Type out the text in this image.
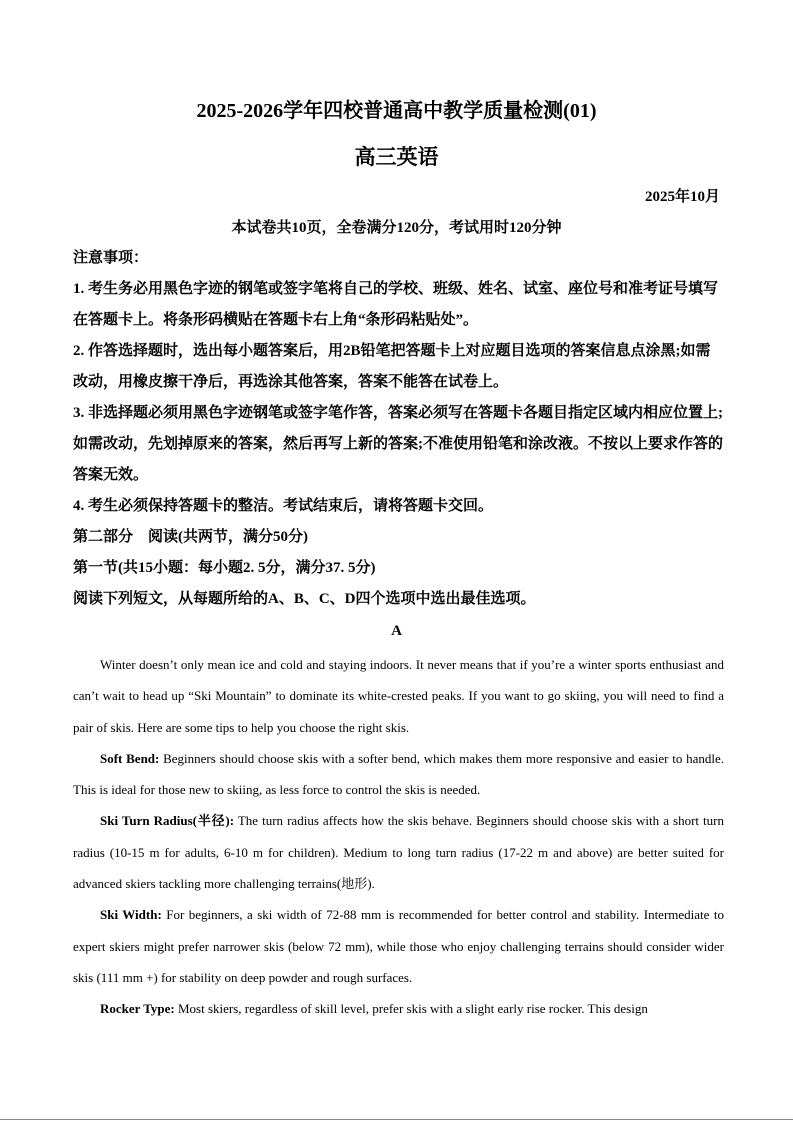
2025-2026学年四校普通高中教学质量检测(01)
高三英语
2025年10月
本试卷共10页，全卷满分120分，考试用时120分钟

注意事项：

1. 考生务必用黑色字迹的钢笔或签字笔将自己的学校、班级、姓名、试室、座位号和准考证号填写在答题卡上。将条形码横贴在答题卡右上角“条形码粘贴处”。

2. 作答选择题时，选出每小题答案后，用2B铅笔把答题卡上对应题目选项的答案信息点涂黑;如需改动，用橡皮擦干净后，再选涂其他答案，答案不能答在试卷上。

3. 非选择题必须用黑色字迹钢笔或签字笔作答，答案必须写在答题卡各题目指定区域内相应位置上;如需改动，先划掉原来的答案，然后再写上新的答案;不准使用铅笔和涂改液。不按以上要求作答的答案无效。

4. 考生必须保持答题卡的整洁。考试结束后，请将答题卡交回。

第二部分　阅读(共两节，满分50分)

第一节(共15小题：每小题2. 5分，满分37. 5分)

阅读下列短文，从每题所给的A、B、C、D四个选项中选出最佳选项。

A

Winter doesn’t only mean ice and cold and staying indoors. It never means that if you’re a winter sports enthusiast and can’t wait to head up “Ski Mountain” to dominate its white-crested peaks. If you want to go skiing, you will need to find a pair of skis. Here are some tips to help you choose the right skis.

Soft Bend: Beginners should choose skis with a softer bend, which makes them more responsive and easier to handle. This is ideal for those new to skiing, as less force to control the skis is needed.

Ski Turn Radius(半径): The turn radius affects how the skis behave. Beginners should choose skis with a short turn radius (10-15 m for adults, 6-10 m for children). Medium to long turn radius (17-22 m and above) are better suited for advanced skiers tackling more challenging terrains(地形).

Ski Width: For beginners, a ski width of 72-88 mm is recommended for better control and stability. Intermediate to expert skiers might prefer narrower skis (below 72 mm), while those who enjoy challenging terrains should consider wider skis (111 mm +) for stability on deep powder and rough surfaces.

Rocker Type: Most skiers, regardless of skill level, prefer skis with a slight early rise rocker. This design
